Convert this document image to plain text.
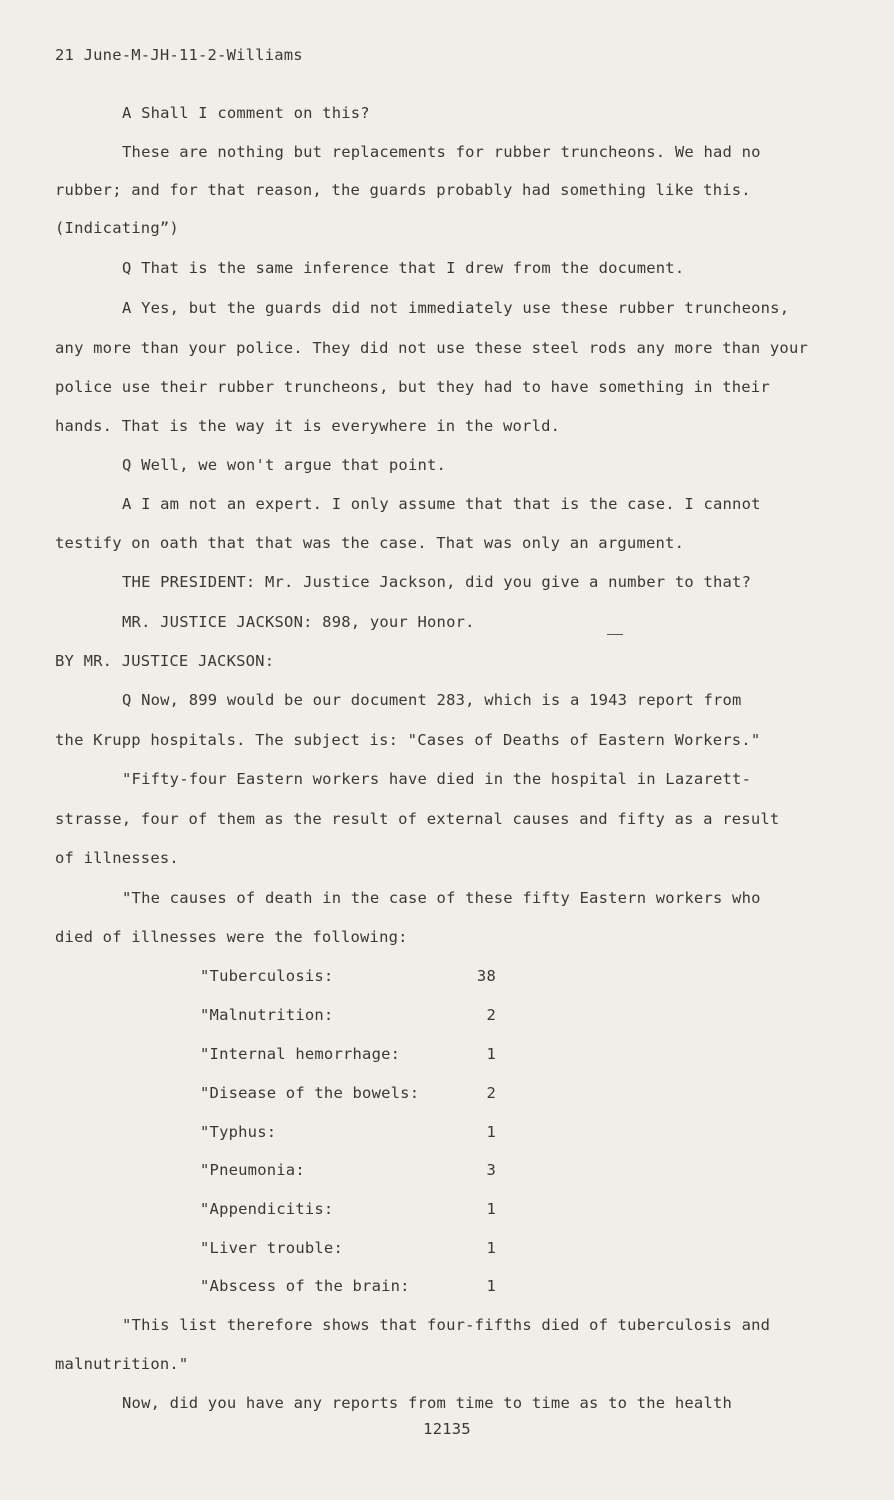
21 June-M-JH-11-2-Williams
A Shall I comment on this?
These are nothing but replacements for rubber truncheons. We had no
rubber; and for that reason, the guards probably had something like this.
(Indicating”)
Q That is the same inference that I drew from the document.
A Yes, but the guards did not immediately use these rubber truncheons,
any more than your police. They did not use these steel rods any more than your
police use their rubber truncheons, but they had to have something in their
hands. That is the way it is everywhere in the world.
Q Well, we won't argue that point.
A I am not an expert. I only assume that that is the case. I cannot
testify on oath that that was the case. That was only an argument.
THE PRESIDENT: Mr. Justice Jackson, did you give a number to that?
MR. JUSTICE JACKSON: 898, your Honor.
BY MR. JUSTICE JACKSON:
Q Now, 899 would be our document 283, which is a 1943 report from
the Krupp hospitals. The subject is: "Cases of Deaths of Eastern Workers."
"Fifty-four Eastern workers have died in the hospital in Lazarett-
strasse, four of them as the result of external causes and fifty as a result
of illnesses.
"The causes of death in the case of these fifty Eastern workers who
died of illnesses were the following:
"Tuberculosis:	38
"Malnutrition:	2
"Internal hemorrhage:	1
"Disease of the bowels:	2
"Typhus:	1
"Pneumonia:	3
"Appendicitis:	1
"Liver trouble:	1
"Abscess of the brain:	1
"This list therefore shows that four-fifths died of tuberculosis and
malnutrition."
Now, did you have any reports from time to time as to the health
12135
